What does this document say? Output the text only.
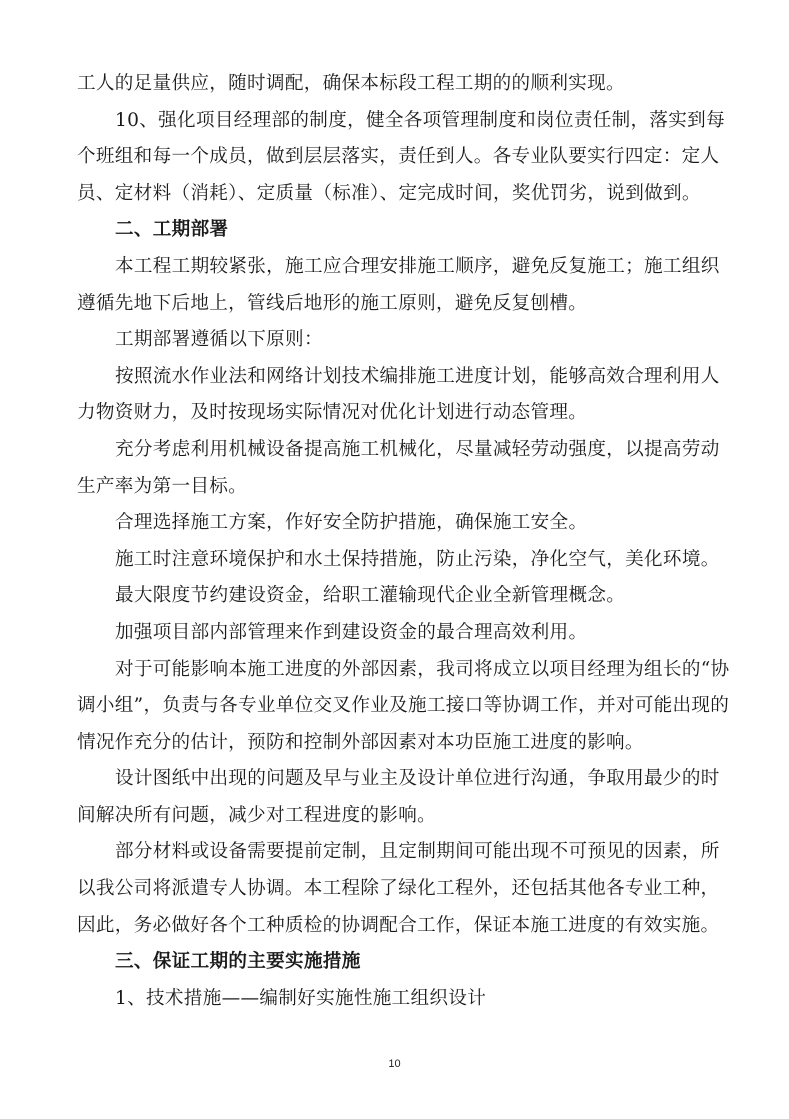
工人的足量供应，随时调配，确保本标段工程工期的的顺利实现。
10、强化项目经理部的制度，健全各项管理制度和岗位责任制，落实到每
个班组和每一个成员，做到层层落实，责任到人。各专业队要实行四定：定人
员、定材料（消耗）、定质量（标准）、定完成时间，奖优罚劣，说到做到。
二、工期部署
本工程工期较紧张，施工应合理安排施工顺序，避免反复施工；施工组织
遵循先地下后地上，管线后地形的施工原则，避免反复刨槽。
工期部署遵循以下原则：
按照流水作业法和网络计划技术编排施工进度计划，能够高效合理利用人
力物资财力，及时按现场实际情况对优化计划进行动态管理。
充分考虑利用机械设备提高施工机械化，尽量减轻劳动强度，以提高劳动
生产率为第一目标。
合理选择施工方案，作好安全防护措施，确保施工安全。
施工时注意环境保护和水土保持措施，防止污染，净化空气，美化环境。
最大限度节约建设资金，给职工灌输现代企业全新管理概念。
加强项目部内部管理来作到建设资金的最合理高效利用。
对于可能影响本施工进度的外部因素，我司将成立以项目经理为组长的“协
调小组”，负责与各专业单位交叉作业及施工接口等协调工作，并对可能出现的
情况作充分的估计，预防和控制外部因素对本功臣施工进度的影响。
设计图纸中出现的问题及早与业主及设计单位进行沟通，争取用最少的时
间解决所有问题，减少对工程进度的影响。
部分材料或设备需要提前定制，且定制期间可能出现不可预见的因素，所
以我公司将派遣专人协调。本工程除了绿化工程外，还包括其他各专业工种，
因此，务必做好各个工种质检的协调配合工作，保证本施工进度的有效实施。
三、保证工期的主要实施措施
1、技术措施——编制好实施性施工组织设计
10
